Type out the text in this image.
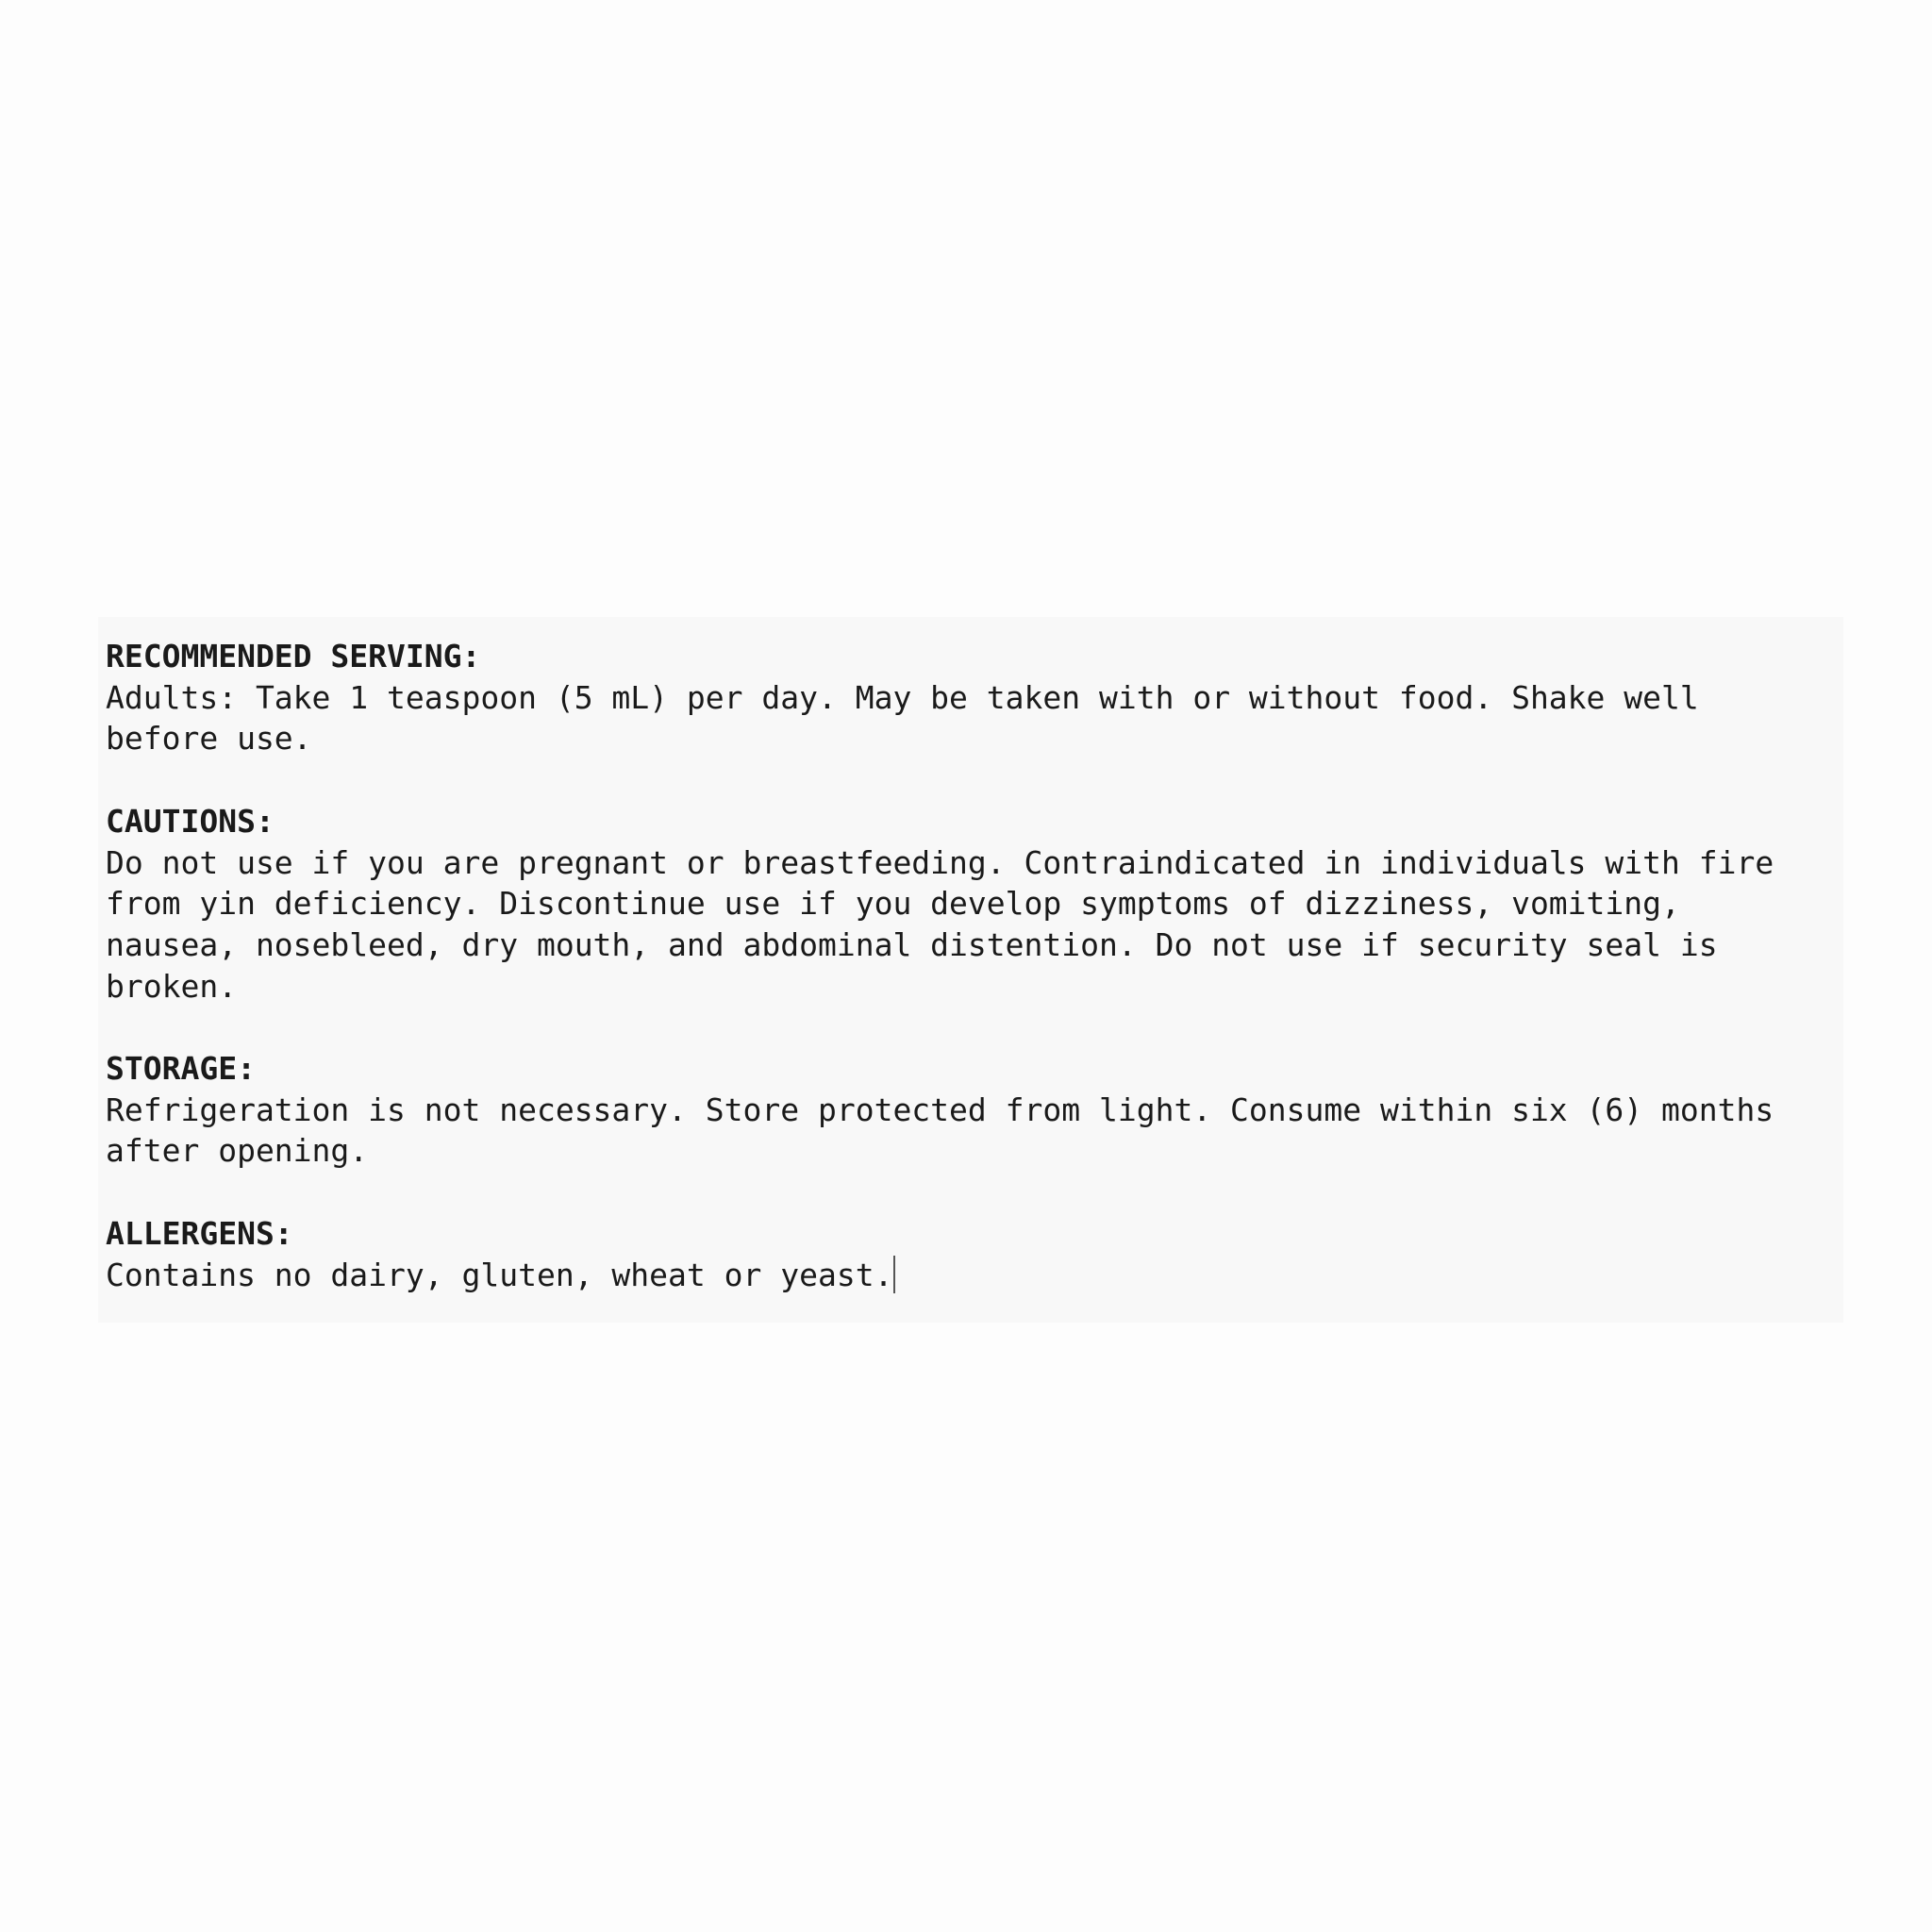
RECOMMENDED SERVING:

Adults: Take 1 teaspoon (5 mL) per day. May be taken with or without food. Shake well
before use.

CAUTIONS:

Do not use if you are pregnant or breastfeeding. Contraindicated in individuals with fire
from yin deficiency. Discontinue use if you develop symptoms of dizziness, vomiting,
nausea, nosebleed, dry mouth, and abdominal distention. Do not use if security seal is
broken.

STORAGE:

Refrigeration is not necessary. Store protected from light. Consume within six (6) months
after opening.

ALLERGENS:

Contains no dairy, gluten, wheat or yeast.
